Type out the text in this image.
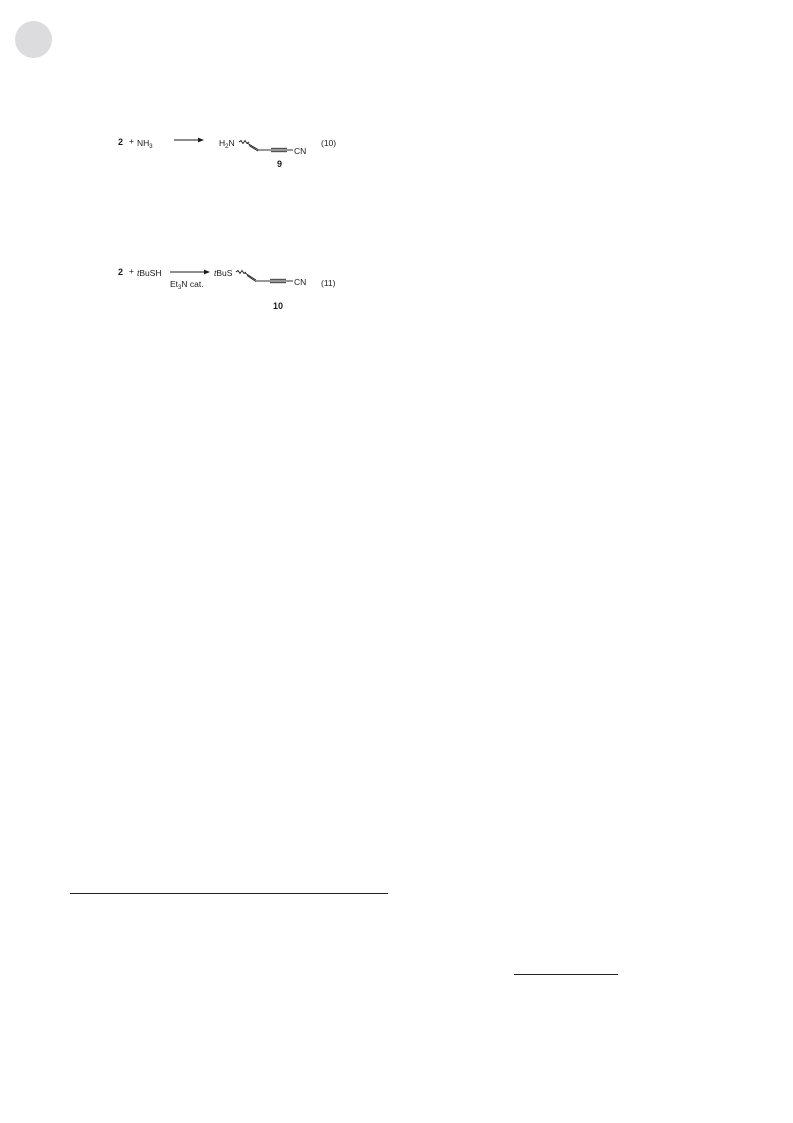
$2 + NH_3$	$H_2N$
CN
9
(10)
2 + tBuSH
$Et_3N$ cat.
tBuS
CN
10
(11)
